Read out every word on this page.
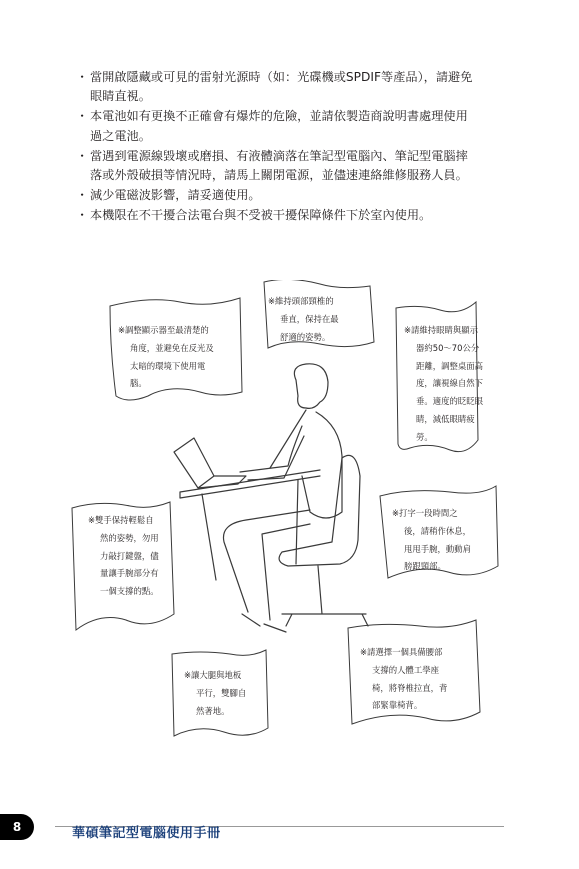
・ 當開啟隱藏或可見的雷射光源時（如：光碟機或SPDIF等產品），請避免
眼睛直視。
・ 本電池如有更換不正確會有爆炸的危險，並請依製造商說明書處理使用
過之電池。
・ 當遇到電源線毀壞或磨損、有液體滴落在筆記型電腦內、筆記型電腦摔
落或外殼破損等情況時，請馬上關閉電源，並儘速連絡維修服務人員。
・ 減少電磁波影響，請妥適使用。
・ 本機限在不干擾合法電台與不受被干擾保障條件下於室內使用。
※調整顯示器至最清楚的
角度，並避免在反光及
太暗的環境下使用電
腦。
※維持頭部頸椎的
垂直，保持在最
舒適的姿勢。
※請維持眼睛與顯示
器約50～70公分
距離，調整桌面高
度，讓視線自然下
垂。適度的眨眨眼
睛，減低眼睛疲
勞。
※雙手保持輕鬆自
然的姿勢，勿用
力敲打鍵盤，儘
量讓手腕部分有
一個支撐的點。
※打字一段時間之
後，請稍作休息，
甩甩手腕，動動肩
膀跟頸部。
※請選擇一個具備腰部
支撐的人體工學座
椅，將脊椎拉直，背
部緊靠椅背。
※讓大腿與地板
平行，雙腳自
然著地。
8	華碩筆記型電腦使用手冊
